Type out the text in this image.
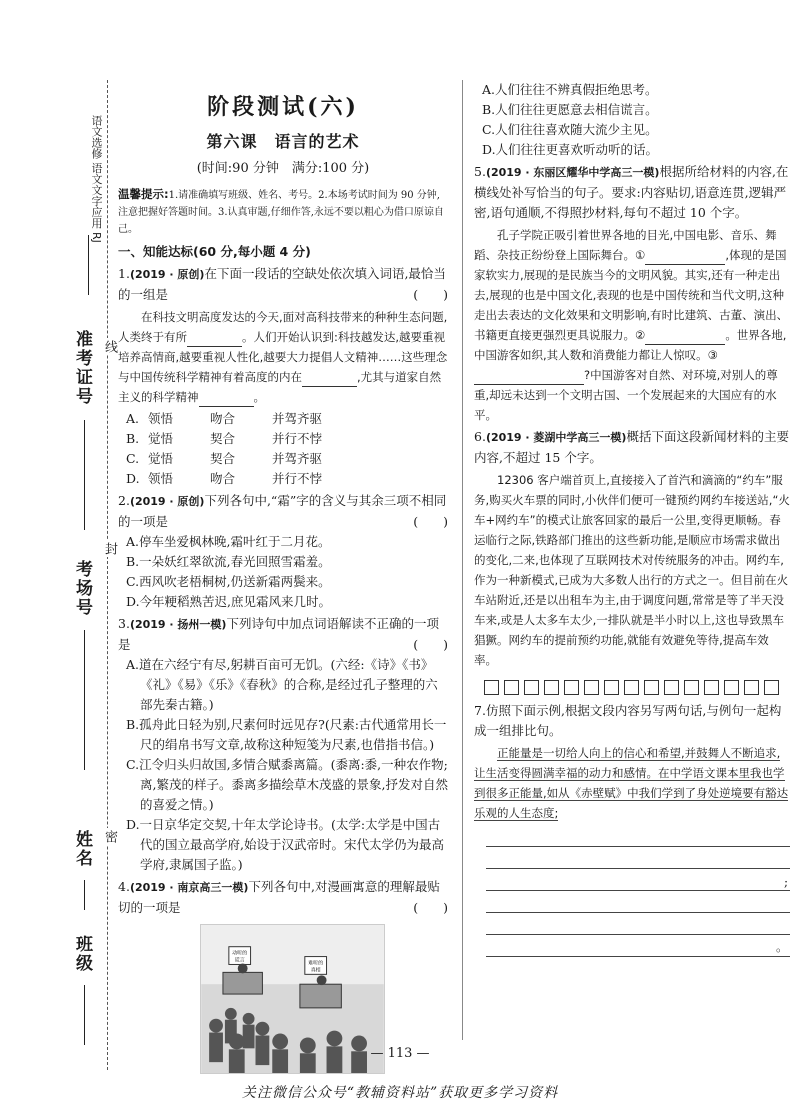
语文选修 语文文字应用 RJ
准考证号
考场号
姓名
班级
线
封
密
阶段测试(六)
第六课　语言的艺术
(时间:90 分钟　满分:100 分)
温馨提示:1.请准确填写班级、姓名、考号。2.本场考试时间为 90 分钟,注意把握好答题时间。3.认真审题,仔细作答,永远不要以粗心为借口原谅自己。
一、知能达标(60 分,每小题 4 分)
1.(2019 · 原创)在下面一段话的空缺处依次填入词语,最恰当的一组是	(　　)
在科技文明高度发达的今天,面对高科技带来的种种生态问题,人类终于有所	。人们开始认识到:科技越发达,越要重视培养高情商,越要重视人性化,越要大力提倡人文精神……这些理念与中国传统科学精神有着高度的内在	,尤其与道家自然主义的科学精神	。
A. 领悟	吻合	并驾齐驱
B. 觉悟	契合	并行不悖
C. 觉悟	契合	并驾齐驱
D. 领悟	吻合	并行不悖
2.(2019 · 原创)下列各句中,“霜”字的含义与其余三项不相同的一项是	(　　)
A.停车坐爱枫林晚,霜叶红于二月花。
B.一朵妖红翠欲流,春光回照雪霜羞。
C.西风吹老梧桐树,仍送新霜两鬓来。
D.今年粳稻熟苦迟,庶见霜风来几时。
3.(2019 · 扬州一模)下列诗句中加点词语解读不正确的一项是	(　　)
A.道在六经宁有尽,躬耕百亩可无饥。(六经:《诗》《书》《礼》《易》《乐》《春秋》的合称,是经过孔子整理的六部先秦古籍。)
B.孤舟此日轻为别,尺素何时远见存?(尺素:古代通常用长一尺的绢帛书写文章,故称这种短笺为尺素,也借指书信。)
C.江令归头归故国,多情合赋黍离篇。(黍离:黍,一种农作物;离,繁茂的样子。黍离多描绘草木茂盛的景象,抒发对自然的喜爱之情。)
D.一日京华定交契,十年太学论诗书。(太学:太学是中国古代的国立最高学府,始设于汉武帝时。宋代太学仍为最高学府,隶属国子监。)
4.(2019 · 南京高三一模)下列各句中,对漫画寓意的理解最贴切的一项是	(　　)
动听的
谎言	难听的
真相
A.人们往往不辨真假拒绝思考。
B.人们往往更愿意去相信谎言。
C.人们往往喜欢随大流少主见。
D.人们往往更喜欢听动听的话。
5.(2019 · 东丽区耀华中学高三一模)根据所给材料的内容,在横线处补写恰当的句子。要求:内容贴切,语意连贯,逻辑严密,语句通顺,不得照抄材料,每句不超过 10 个字。
孔子学院正吸引着世界各地的目光,中国电影、音乐、舞蹈、杂技正纷纷登上国际舞台。①	,体现的是国家软实力,展现的是民族当今的文明风貌。其实,还有一种走出去,展现的也是中国文化,表现的也是中国传统和当代文明,这种走出去表达的文化效果和文明影响,有时比建筑、古董、演出、书籍更直接更强烈更具说服力。②	。世界各地,中国游客如织,其人数和消费能力都让人惊叹。③?中国游客对自然、对环境,对别人的尊重,却远未达到一个文明古国、一个发展起来的大国应有的水平。
6.(2019 · 菱湖中学高三一模)概括下面这段新闻材料的主要内容,不超过 15 个字。
12306 客户端首页上,直接接入了首汽和滴滴的“约车”服务,购买火车票的同时,小伙伴们便可一键预约网约车接送站,“火车+网约车”的模式让旅客回家的最后一公里,变得更顺畅。春运临行之际,铁路部门推出的这些新功能,是顺应市场需求做出的变化,二来,也体现了互联网技术对传统服务的冲击。网约车,作为一种新模式,已成为大多数人出行的方式之一。但目前在火车站附近,还是以出租车为主,由于调度问题,常常是等了半天没车来,或是人太多车太少,一排队就是半小时以上,这也导致黑车猖獗。网约车的提前预约功能,就能有效避免等待,提高车效率。
7.仿照下面示例,根据文段内容另写两句话,与例句一起构成一组排比句。
正能量是一切给人向上的信心和希望,并鼓舞人不断追求,让生活变得圆满幸福的动力和感情。在中学语文课本里我也学到很多正能量,如从《赤壁赋》中我们学到了身处逆境要有豁达乐观的人生态度;
;
。
— 113 —
关注微信公众号“教辅资料站”获取更多学习资料
